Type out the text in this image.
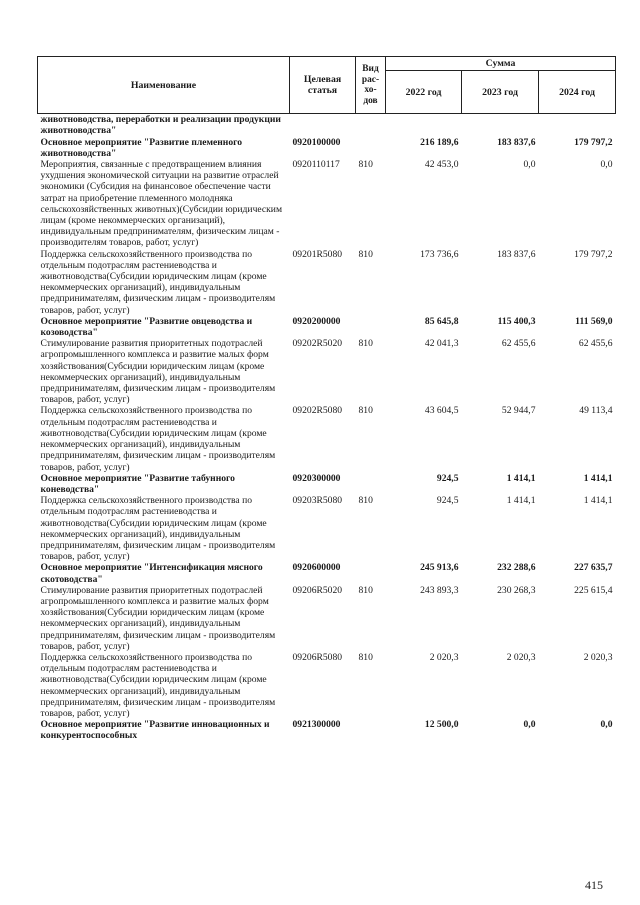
Наименование	Целевая статья	Вид рас-хо-дов	Сумма		
			2022 год	2023 год	2024 год
животноводства, переработки и реализации продукции животноводства"					
Основное мероприятие "Развитие племенного животноводства"	0920100000		216 189,6	183 837,6	179 797,2
Мероприятия, связанные с предотвращением влияния ухудшения экономической ситуации на развитие отраслей экономики (Субсидия на финансовое обеспечение части затрат на приобретение племенного молодняка сельскохозяйственных животных)(Субсидии юридическим лицам (кроме некоммерческих организаций), индивидуальным предпринимателям, физическим лицам - производителям товаров, работ, услуг)	0920110117	810	42 453,0	0,0	0,0
Поддержка сельскохозяйственного производства по отдельным подотраслям растениеводства и животноводства(Субсидии юридическим лицам (кроме некоммерческих организаций), индивидуальным предпринимателям, физическим лицам - производителям товаров, работ, услуг)	09201R5080	810	173 736,6	183 837,6	179 797,2
Основное мероприятие "Развитие овцеводства и козоводства"	0920200000		85 645,8	115 400,3	111 569,0
Стимулирование развития приоритетных подотраслей агропромышленного комплекса и развитие малых форм хозяйствования(Субсидии юридическим лицам (кроме некоммерческих организаций), индивидуальным предпринимателям, физическим лицам - производителям товаров, работ, услуг)	09202R5020	810	42 041,3	62 455,6	62 455,6
Поддержка сельскохозяйственного производства по отдельным подотраслям растениеводства и животноводства(Субсидии юридическим лицам (кроме некоммерческих организаций), индивидуальным предпринимателям, физическим лицам - производителям товаров, работ, услуг)	09202R5080	810	43 604,5	52 944,7	49 113,4
Основное мероприятие "Развитие табунного коневодства"	0920300000		924,5	1 414,1	1 414,1
Поддержка сельскохозяйственного производства по отдельным подотраслям растениеводства и животноводства(Субсидии юридическим лицам (кроме некоммерческих организаций), индивидуальным предпринимателям, физическим лицам - производителям товаров, работ, услуг)	09203R5080	810	924,5	1 414,1	1 414,1
Основное мероприятие "Интенсификация мясного скотоводства"	0920600000		245 913,6	232 288,6	227 635,7
Стимулирование развития приоритетных подотраслей агропромышленного комплекса и развитие малых форм хозяйствования(Субсидии юридическим лицам (кроме некоммерческих организаций), индивидуальным предпринимателям, физическим лицам - производителям товаров, работ, услуг)	09206R5020	810	243 893,3	230 268,3	225 615,4
Поддержка сельскохозяйственного производства по отдельным подотраслям растениеводства и животноводства(Субсидии юридическим лицам (кроме некоммерческих организаций), индивидуальным предпринимателям, физическим лицам - производителям товаров, работ, услуг)	09206R5080	810	2 020,3	2 020,3	2 020,3
Основное мероприятие "Развитие инновационных и конкурентоспособных	0921300000		12 500,0	0,0	0,0
415
